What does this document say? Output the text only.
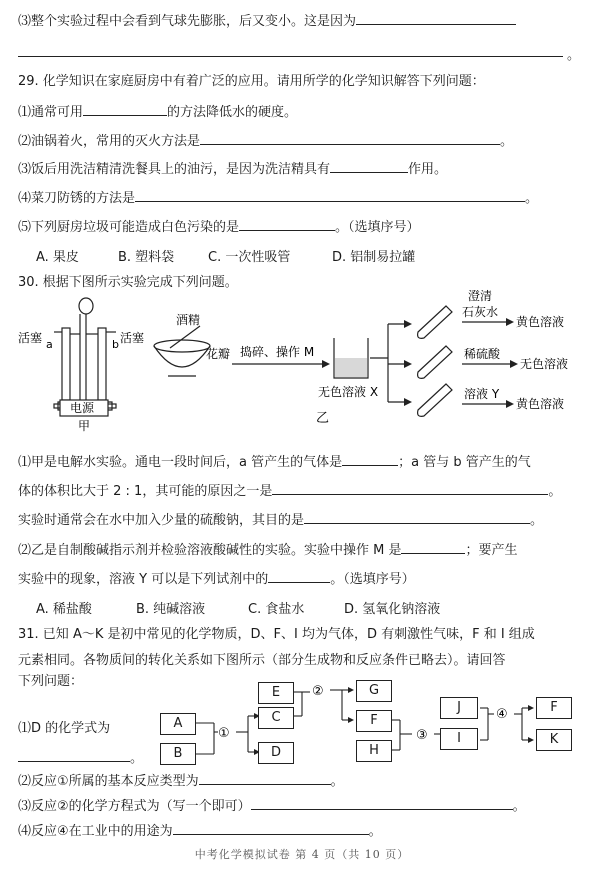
⑶整个实验过程中会看到气球先膨胀，后又变小。这是因为
。
29. 化学知识在家庭厨房中有着广泛的应用。请用所学的化学知识解答下列问题：
⑴通常可用	的方法降低水的硬度。
⑵油锅着火，常用的灭火方法是	。
⑶饭后用洗洁精清洗餐具上的油污，是因为洗洁精具有	作用。
⑷菜刀防锈的方法是	。
⑸下列厨房垃圾可能造成白色污染的是	。（选填序号）
A. 果皮	B. 塑料袋	C. 一次性吸管	D. 铝制易拉罐
30. 根据下图所示实验完成下列问题。
电源
甲
活塞 a	活塞
b
酒精
花瓣 捣碎、操作 M
无色溶液 X
乙
澄清
石灰水
黄色溶液
稀硫酸
无色溶液
溶液 Y
黄色溶液
⑴甲是电解水实验。通电一段时间后，a 管产生的气体是	；a 管与 b 管产生的气
体的体积比大于 2 : 1，其可能的原因之一是	。
实验时通常会在水中加入少量的硫酸钠，其目的是	。
⑵乙是自制酸碱指示剂并检验溶液酸碱性的实验。实验中操作 M 是	；要产生
实验中的现象，溶液 Y 可以是下列试剂中的	。（选填序号）
A. 稀盐酸	B. 纯碱溶液	C. 食盐水	D. 氢氧化钠溶液
31. 已知 A～K 是初中常见的化学物质，D、F、I 均为气体，D 有刺激性气味，F 和 I 组成
元素相同。各物质间的转化关系如下图所示（部分生成物和反应条件已略去）。请回答
下列问题：
⑴D 的化学式为
。
①
②
③
④
A
B
E
C
D
G
F
H
J
I
F
K
⑵反应①所属的基本反应类型为	。
⑶反应②的化学方程式为（写一个即可）	。
⑷反应④在工业中的用途为	。
中考化学模拟试卷 第 4 页（共 10 页）
